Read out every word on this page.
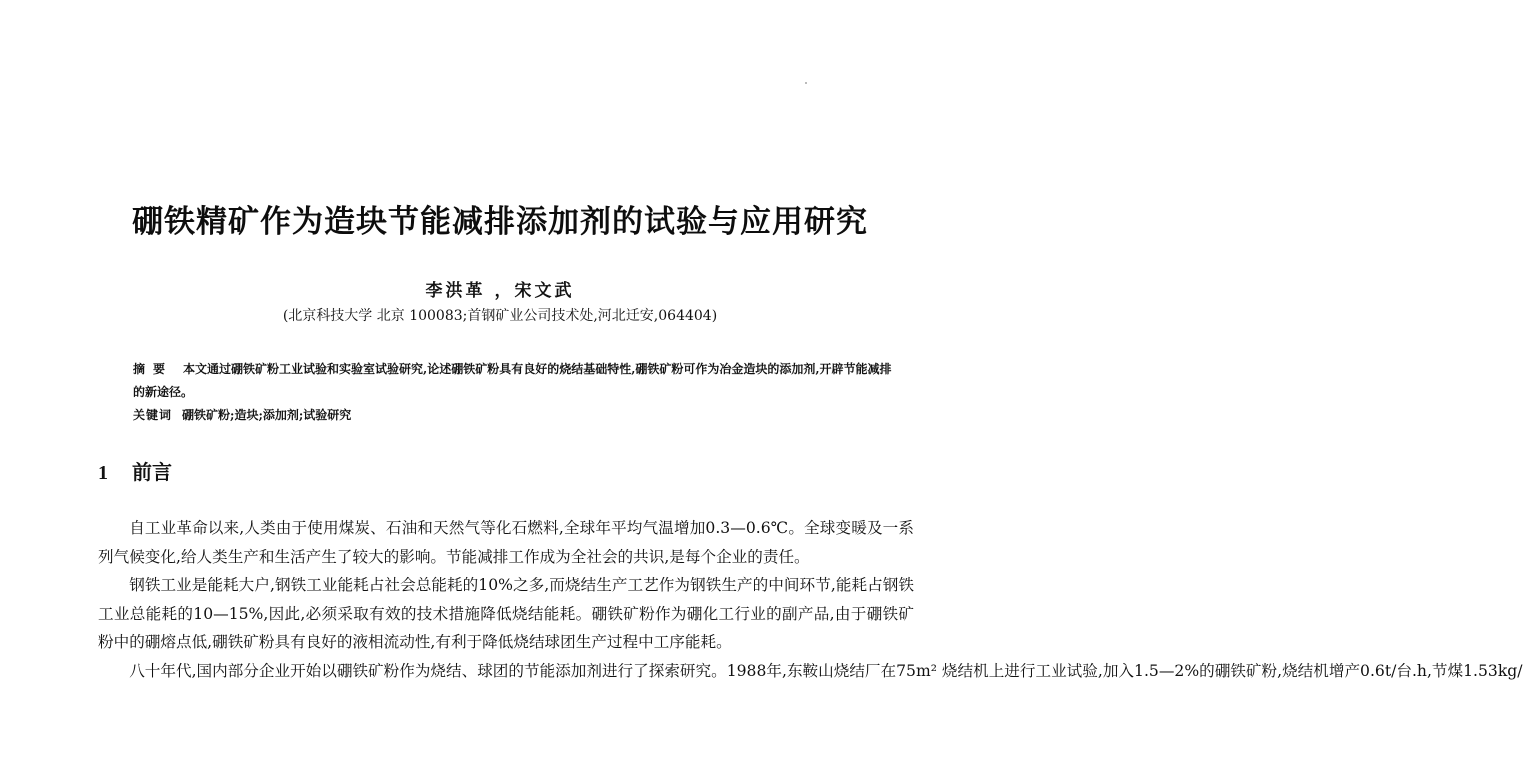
硼铁精矿作为造块节能减排添加剂的试验与应用研究
李洪革 ，宋文武
(北京科技大学 北京 100083;首钢矿业公司技术处,河北迁安,064404)
摘要 本文通过硼铁矿粉工业试验和实验室试验研究,论述硼铁矿粉具有良好的烧结基础特性,硼铁矿粉可作为冶金造块的添加剂,开辟节能减排的新途径。
关键词 硼铁矿粉;造块;添加剂;试验研究
1 前言

自工业革命以来,人类由于使用煤炭、石油和天然气等化石燃料,全球年平均气温增加0.3—0.6℃。全球变暖及一系列气候变化,给人类生产和生活产生了较大的影响。节能减排工作成为全社会的共识,是每个企业的责任。

钢铁工业是能耗大户,钢铁工业能耗占社会总能耗的10%之多,而烧结生产工艺作为钢铁生产的中间环节,能耗占钢铁工业总能耗的10—15%,因此,必须采取有效的技术措施降低烧结能耗。硼铁矿粉作为硼化工行业的副产品,由于硼铁矿粉中的硼熔点低,硼铁矿粉具有良好的液相流动性,有利于降低烧结球团生产过程中工序能耗。

八十年代,国内部分企业开始以硼铁矿粉作为烧结、球团的节能添加剂进行了探索研究。1988年,东鞍山烧结厂在75m² 烧结机上进行工业试验,加入1.5—2%的硼铁矿粉,烧结机增产0.6t/台.h,节煤1.53kg/
